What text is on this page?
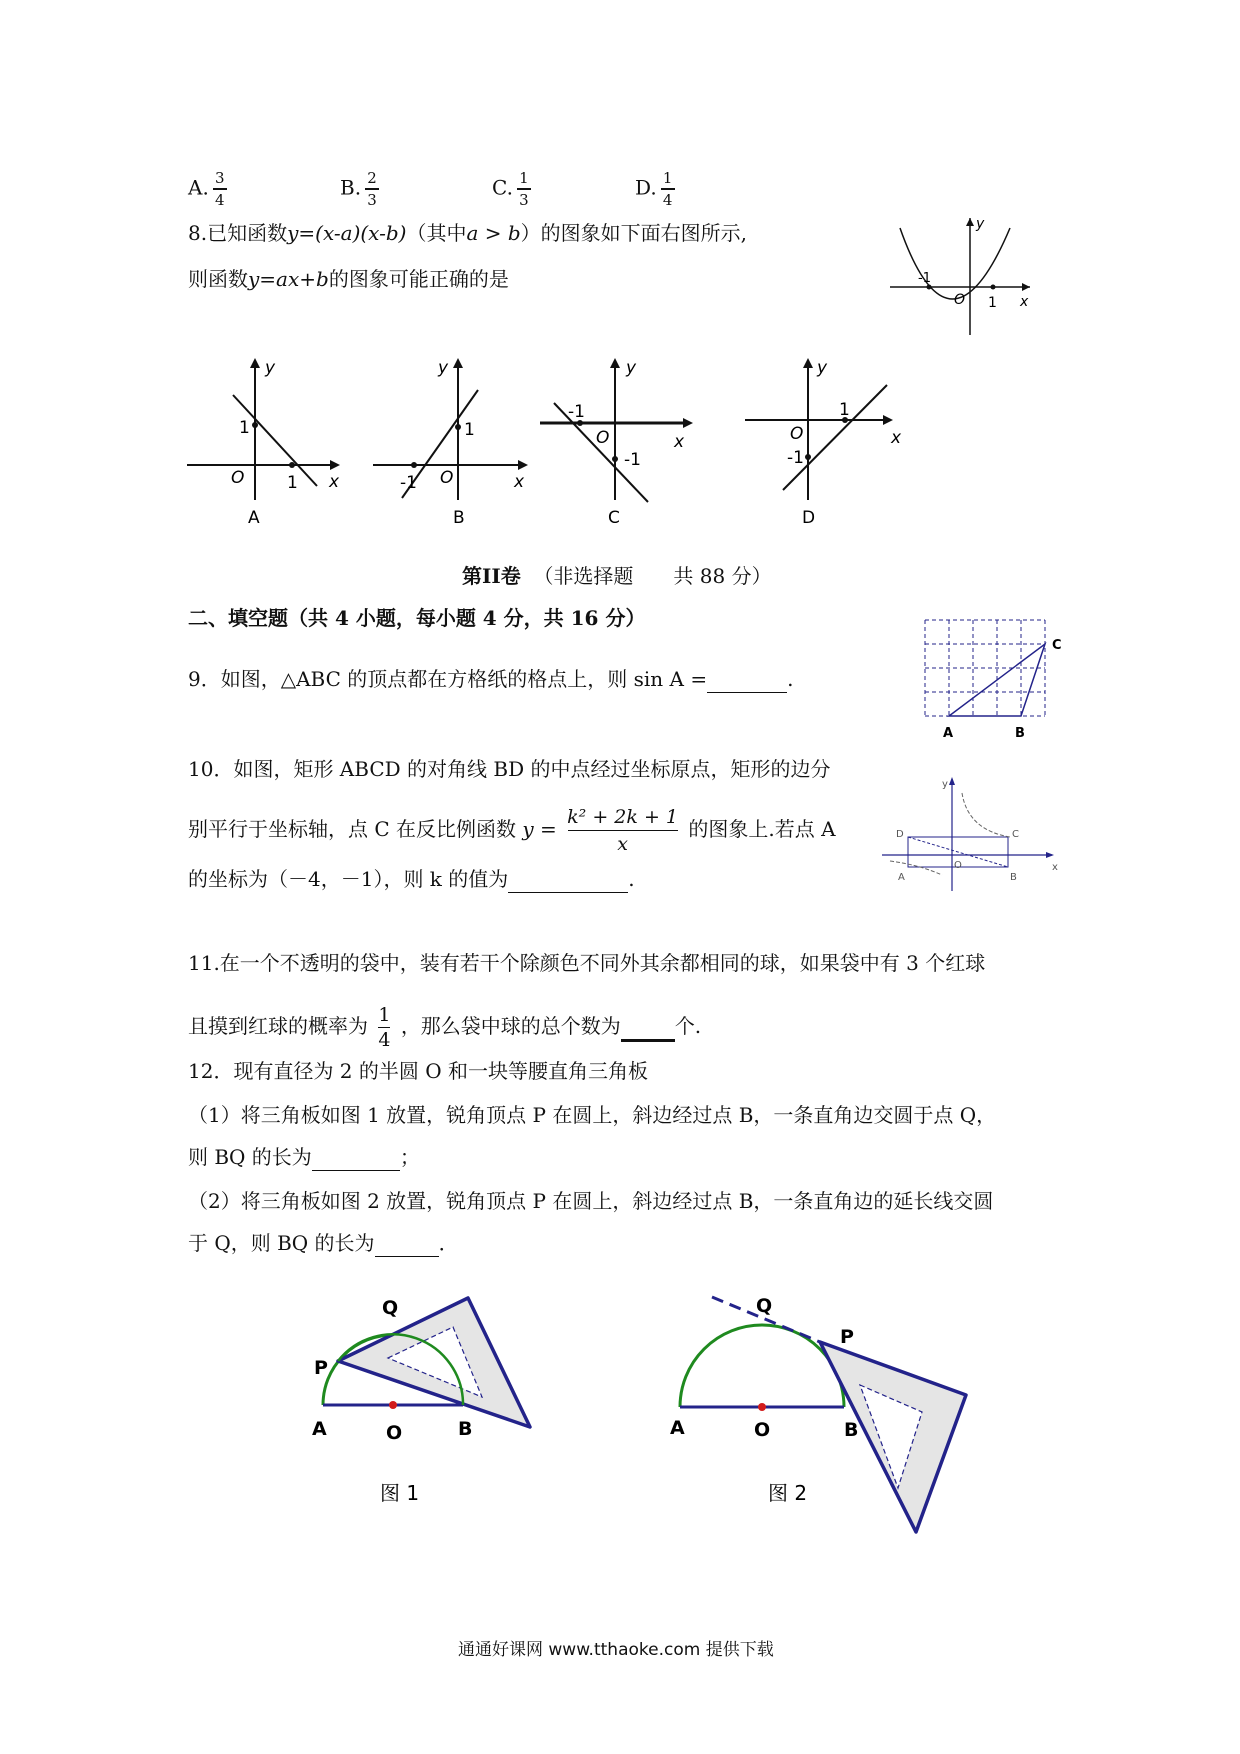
A. $\frac{3}{4}$	B. $\frac{2}{3}$	C. $\frac{1}{3}$	D. $\frac{1}{4}$
8.已知函数y=(x-a)(x-b)（其中a > b）的图象如下面右图所示,
则函数y=ax+b的图象可能正确的是
y
x
O
-1
1
y
x
O
1
1
A
y
x
O
1
-1
B
y
x
O
-1
-1
C
y
x
O
1
-1
D
第II卷 （非选择题　　共 88 分）
二、填空题（共 4 小题，每小题 4 分，共 16 分）
9．如图，△ABC 的顶点都在方格纸的格点上，则 sin A =	.
A	B
C
10．如图，矩形 ABCD 的对角线 BD 的中点经过坐标原点，矩形的边分
别平行于坐标轴，点 C 在反比例函数 $y = \frac{\text{k² + 2k + 1}}{x}$ 的图象上.若点 A
的坐标为（－4，－1），则 k 的值为	.
y
x
D	C
A	B
O
11.在一个不透明的袋中，装有若干个除颜色不同外其余都相同的球，如果袋中有 3 个红球
且摸到红球的概率为 $\frac{1}{4}$ ，那么袋中球的总个数为	个.
12．现有直径为 2 的半圆 O 和一块等腰直角三角板
（1）将三角板如图 1 放置，锐角顶点 P 在圆上，斜边经过点 B，一条直角边交圆于点 Q，
则 BQ 的长为	；
（2）将三角板如图 2 放置，锐角顶点 P 在圆上，斜边经过点 B，一条直角边的延长线交圆
于 Q，则 BQ 的长为	．
P
Q
A	O	B
图 1
Q
P
A	O	B
图 2
通通好课网 www.tthaoke.com 提供下载
